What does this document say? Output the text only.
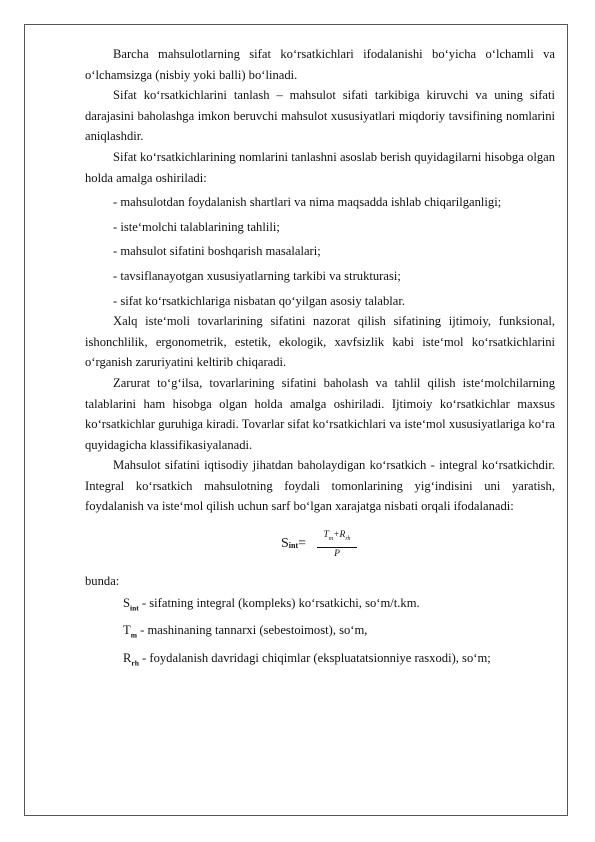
Barcha mahsulotlarning sifat koʻrsatkichlari ifodalanishi boʻyicha oʻlchamli va oʻlchamsizga (nisbiy yoki balli) boʻlinadi.

Sifat koʻrsatkichlarini tanlash – mahsulot sifati tarkibiga kiruvchi va uning sifati darajasini baholashga imkon beruvchi mahsulot xususiyatlari miqdoriy tavsifining nomlarini aniqlashdir.

Sifat koʻrsatkichlarining nomlarini tanlashni asoslab berish quyidagilarni hisobga olgan holda amalga oshiriladi:

- mahsulotdan foydalanish shartlari va nima maqsadda ishlab chiqarilganligi;

- iste‘molchi talablarining tahlili;

- mahsulot sifatini boshqarish masalalari;

- tavsiflanayotgan xususiyatlarning tarkibi va strukturasi;

- sifat koʻrsatkichlariga nisbatan qoʻyilgan asosiy talablar.

Xalq iste‘moli tovarlarining sifatini nazorat qilish sifatining ijtimoiy, funksional, ishonchlilik, ergonometrik, estetik, ekologik, xavfsizlik kabi iste‘mol koʻrsatkichlarini oʻrganish zaruriyatini keltirib chiqaradi.

Zarurat toʻg‘ilsa, tovarlarining sifatini baholash va tahlil qilish isteʻmolchilarning talablarini ham hisobga olgan holda amalga oshiriladi. Ijtimoiy koʻrsatkichlar maxsus koʻrsatkichlar guruhiga kiradi. Tovarlar sifat koʻrsatkichlari va iste‘mol xususiyatlariga koʻra quyidagicha klassifikasiyalanadi.

Mahsulot sifatini iqtisodiy jihatdan baholaydigan koʻrsatkich - integral koʻrsatkichdir. Integral koʻrsatkich mahsulotning foydali tomonlarining yigʻindisini uni yaratish, foydalanish va isteʻmol qilish uchun sarf boʻlgan xarajatga nisbati orqali ifodalanadi:

$S_{int}=$
$T_m+R_{rh}$
P

bunda:

$S_{int}$ - sifatning integral (kompleks) koʻrsatkichi, soʻm/t.km.

$T_m$ - mashinaning tannarxi (sebestoimost), soʻm,

$R_{rh}$ - foydalanish davridagi chiqimlar (ekspluatatsionniye rasxodi), soʻm;
